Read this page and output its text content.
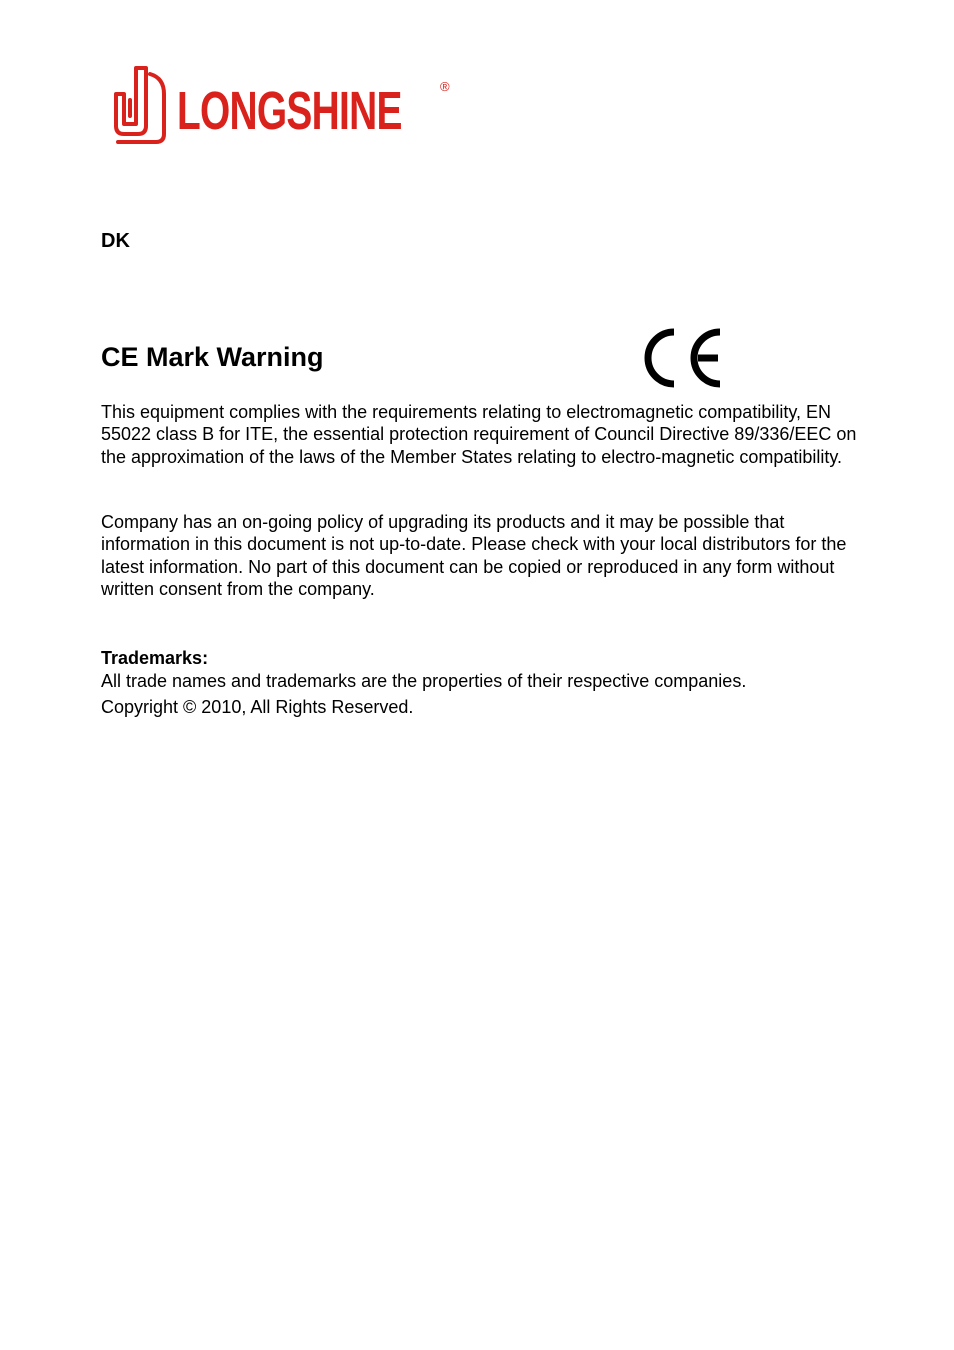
LONGSHINE	®
DK
CE Mark Warning

This equipment complies with the requirements relating to electromagnetic compatibility, EN 55022 class B for ITE, the essential protection requirement of Council Directive 89/336/EEC on the approximation of the laws of the Member States relating to electro-magnetic compatibility.

Company has an on-going policy of upgrading its products and it may be possible that information in this document is not up-to-date. Please check with your local distributors for the latest information. No part of this document can be copied or reproduced in any form without written consent from the company.

Trademarks:
All trade names and trademarks are the properties of their respective companies.
Copyright © 2010, All Rights Reserved.
